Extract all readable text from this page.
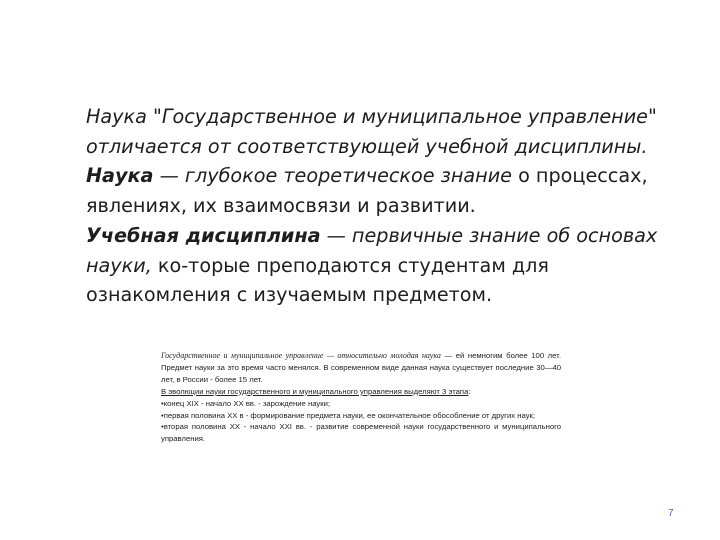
Наука "Государственное и муниципальное управление" отличается от соответствующей учебной дисциплины.

Наука — глубокое теоретическое знание о процессах, явлениях, их взаимосвязи и развитии.

Учебная дисциплина — первичные знание об основах науки, ко-торые преподаются студентам для ознакомления с изучаемым предметом.

Государственное и муниципальное управление — относительно молодая наука — ей немногим более 100 лет. Предмет науки за это время часто менялся. В современном виде данная наука существует последние 30—40 лет, в России - более 15 лет.

В эволюции науки государственного и муниципального управления выделяют 3 этапа:

•конец XIX - начало XX вв. - зарождение науки;

•первая половина XX в - формирование предмета науки, ее окончательное обособление от других наук;

•вторая половина XX - начало XXI вв. - развитие современной науки государственного и муниципального управления.

7
